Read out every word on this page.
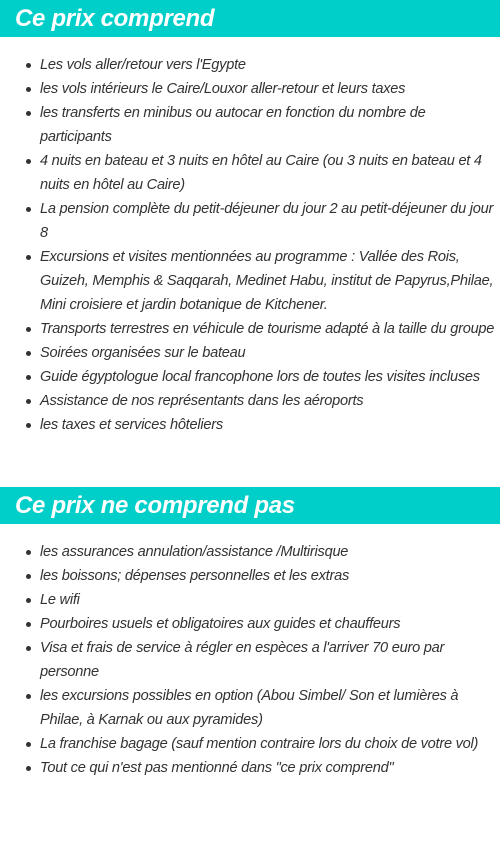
Ce prix comprend
Les vols aller/retour vers l'Egypte
les vols intérieurs le Caire/Louxor aller-retour et leurs taxes
les transferts en minibus ou autocar en fonction du nombre de participants
4 nuits en bateau et 3 nuits en hôtel au Caire (ou 3 nuits en bateau et 4 nuits en hôtel au Caire)
La pension complète du petit-déjeuner du jour 2 au petit-déjeuner du jour 8
Excursions et visites mentionnées au programme : Vallée des Rois, Guizeh, Memphis & Saqqarah, Medinet Habu, institut de Papyrus,Philae, Mini croisiere et jardin botanique de Kitchener.
Transports terrestres en véhicule de tourisme adapté à la taille du groupe
Soirées organisées sur le bateau
Guide égyptologue local francophone lors de toutes les visites incluses
Assistance de nos représentants dans les aéroports
les taxes et services hôteliers
Ce prix ne comprend pas
les assurances annulation/assistance /Multirisque
les boissons; dépenses personnelles et les extras
Le wifi
Pourboires usuels et obligatoires aux guides et chauffeurs
Visa et frais de service à régler en espèces a l'arriver 70 euro par personne
les excursions possibles en option (Abou Simbel/ Son et lumières à Philae, à Karnak ou aux pyramides)
La franchise bagage (sauf mention contraire lors du choix de votre vol)
Tout ce qui n'est pas mentionné dans "ce prix comprend"
